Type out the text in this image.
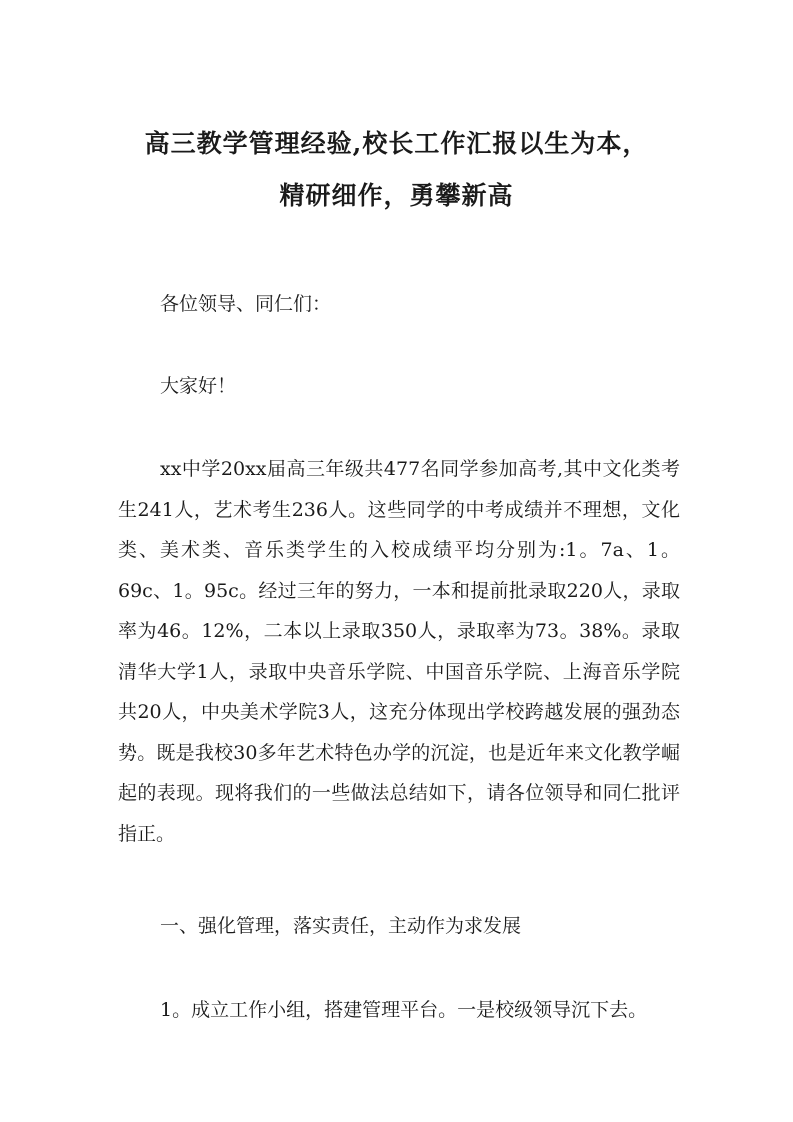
高三教学管理经验,校长工作汇报以生为本，
精研细作，勇攀新高

各位领导、同仁们：

大家好！

xx中学20xx届高三年级共477名同学参加高考,其中文化类考生241人，艺术考生236人。这些同学的中考成绩并不理想，文化类、美术类、音乐类学生的入校成绩平均分别为:1。7a、1。69c、1。95c。经过三年的努力，一本和提前批录取220人，录取率为46。12%，二本以上录取350人，录取率为73。38%。录取清华大学1人，录取中央音乐学院、中国音乐学院、上海音乐学院共20人，中央美术学院3人，这充分体现出学校跨越发展的强劲态势。既是我校30多年艺术特色办学的沉淀，也是近年来文化教学崛起的表现。现将我们的一些做法总结如下，请各位领导和同仁批评指正。

一、强化管理，落实责任，主动作为求发展

1。成立工作小组，搭建管理平台。一是校级领导沉下去。
